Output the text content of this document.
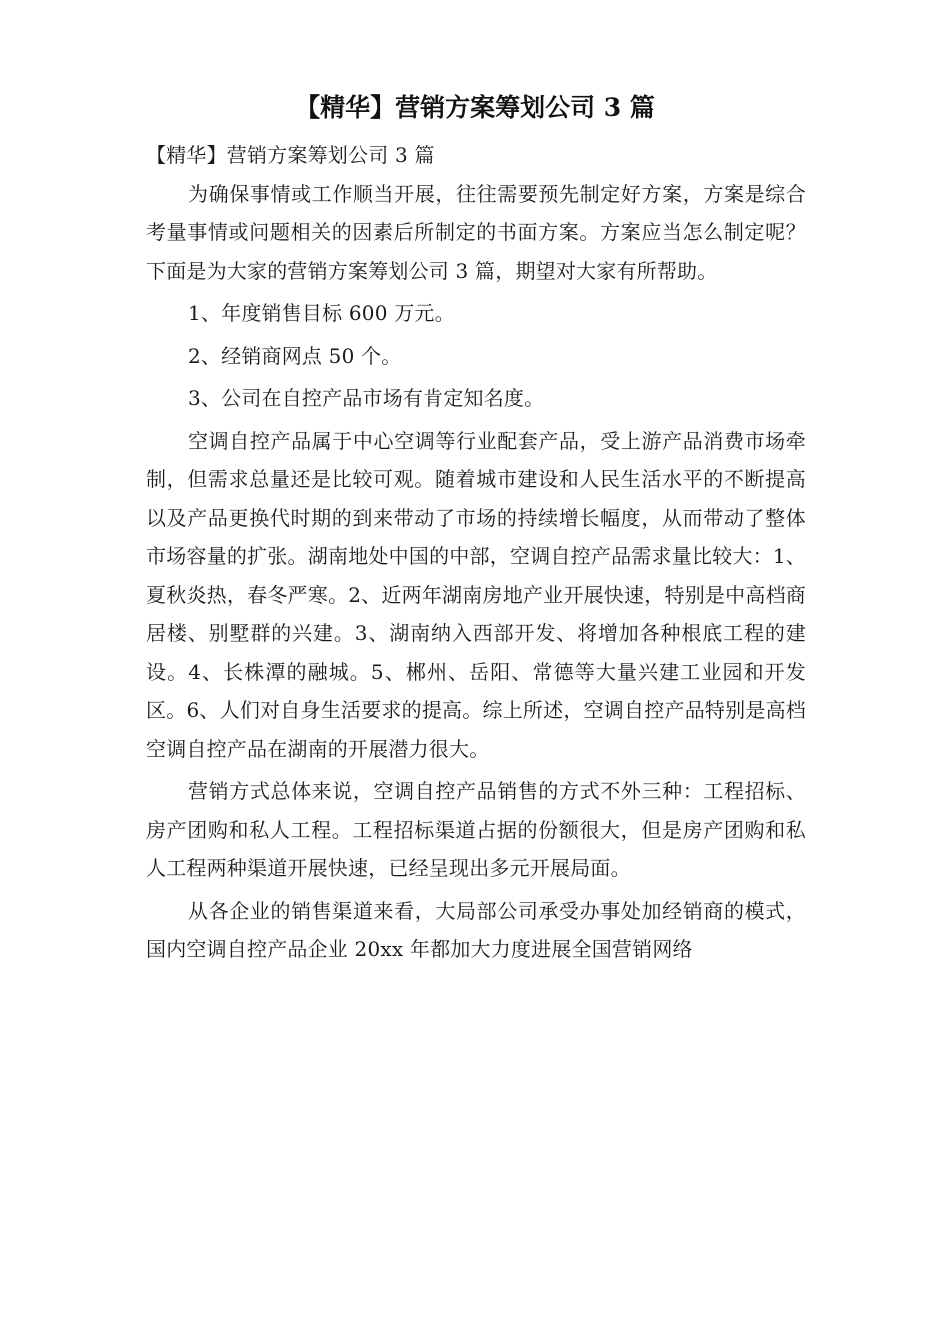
【精华】营销方案筹划公司 3 篇

【精华】营销方案筹划公司 3 篇

为确保事情或工作顺当开展，往往需要预先制定好方案，方案是综合考量事情或问题相关的因素后所制定的书面方案。方案应当怎么制定呢？下面是为大家的营销方案筹划公司 3 篇，期望对大家有所帮助。

1、年度销售目标 600 万元。

2、经销商网点 50 个。

3、公司在自控产品市场有肯定知名度。

空调自控产品属于中心空调等行业配套产品，受上游产品消费市场牵制，但需求总量还是比较可观。随着城市建设和人民生活水平的不断提高以及产品更换代时期的到来带动了市场的持续增长幅度，从而带动了整体市场容量的扩张。湖南地处中国的中部，空调自控产品需求量比较大：1、夏秋炎热，春冬严寒。2、近两年湖南房地产业开展快速，特别是中高档商居楼、别墅群的兴建。3、湖南纳入西部开发、将增加各种根底工程的建设。4、长株潭的融城。5、郴州、岳阳、常德等大量兴建工业园和开发区。6、人们对自身生活要求的提高。综上所述，空调自控产品特别是高档空调自控产品在湖南的开展潜力很大。

营销方式总体来说，空调自控产品销售的方式不外三种：工程招标、房产团购和私人工程。工程招标渠道占据的份额很大，但是房产团购和私人工程两种渠道开展快速，已经呈现出多元开展局面。

从各企业的销售渠道来看，大局部公司承受办事处加经销商的模式，国内空调自控产品企业 20xx 年都加大力度进展全国营销网络
